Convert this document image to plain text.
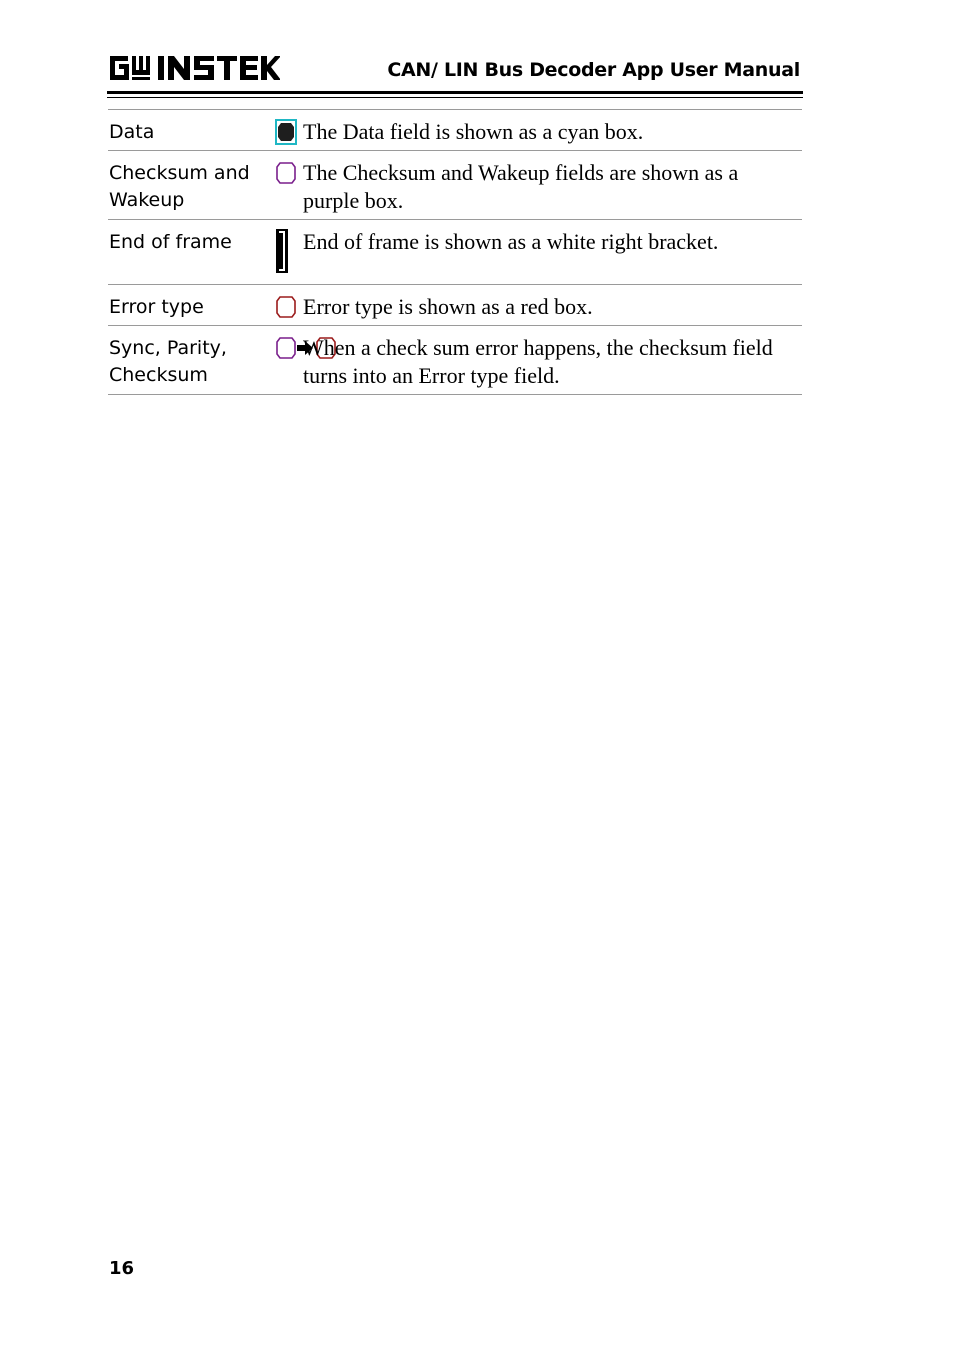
CAN/ LIN Bus Decoder App User Manual
Data		The Data field is shown as a cyan box.
Checksum and
Wakeup		The Checksum and Wakeup fields are shown as a purple box.
End of frame		End of frame is shown as a white right bracket.
Error type		Error type is shown as a red box.
Sync, Parity,
Checksum		When a check sum error happens, the checksum field turns into an Error type field.
16
